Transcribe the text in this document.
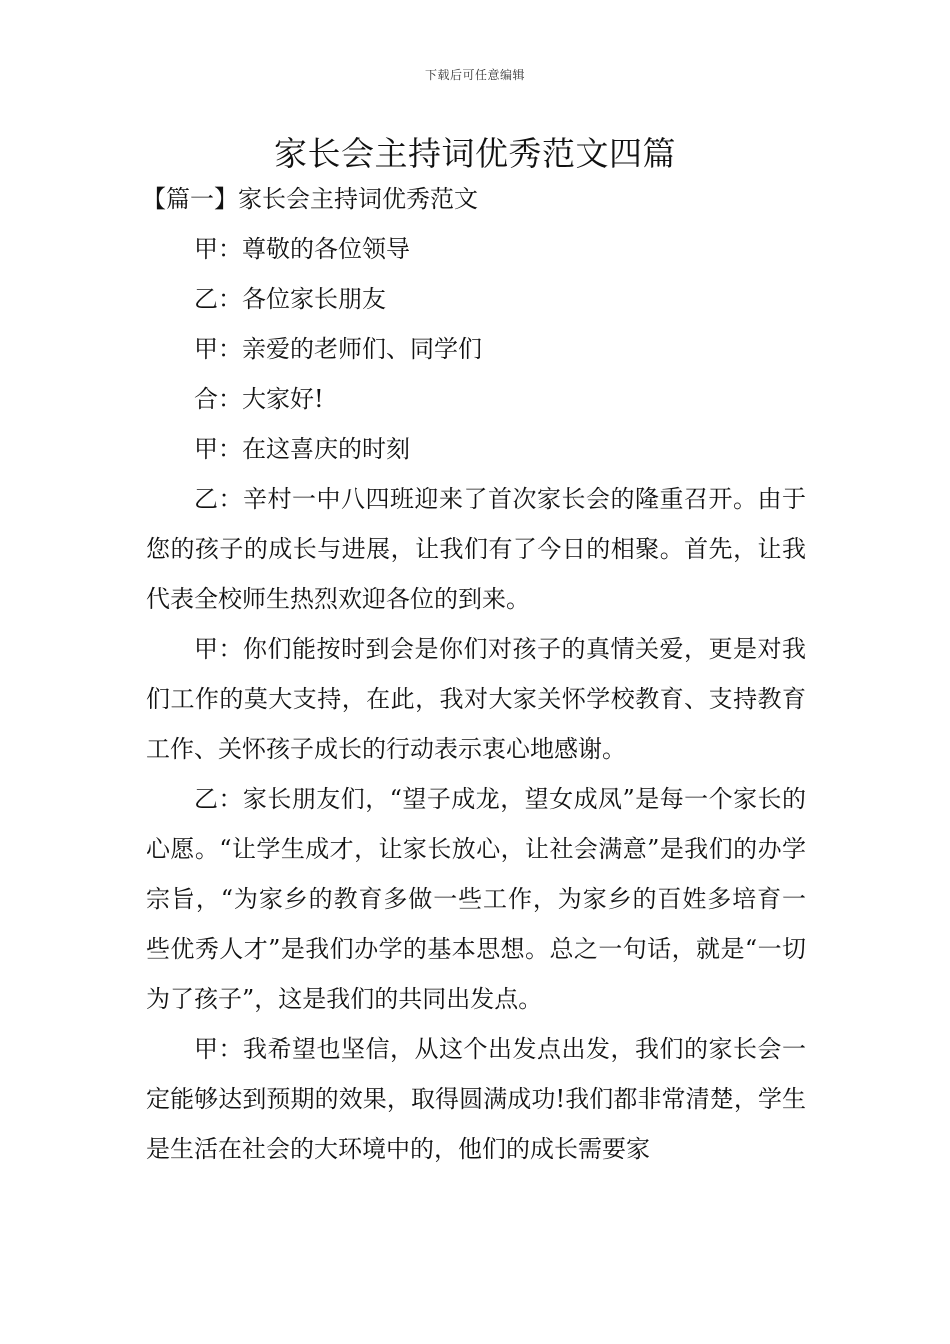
下载后可任意编辑
家长会主持词优秀范文四篇

【篇一】家长会主持词优秀范文

甲：尊敬的各位领导

乙：各位家长朋友

甲：亲爱的老师们、同学们

合：大家好!

甲：在这喜庆的时刻

乙：辛村一中八四班迎来了首次家长会的隆重召开。由于您的孩子的成长与进展，让我们有了今日的相聚。首先，让我代表全校师生热烈欢迎各位的到来。

甲：你们能按时到会是你们对孩子的真情关爱，更是对我们工作的莫大支持，在此，我对大家关怀学校教育、支持教育工作、关怀孩子成长的行动表示衷心地感谢。

乙：家长朋友们，“望子成龙，望女成凤”是每一个家长的心愿。“让学生成才，让家长放心，让社会满意”是我们的办学宗旨，“为家乡的教育多做一些工作，为家乡的百姓多培育一些优秀人才”是我们办学的基本思想。总之一句话，就是“一切为了孩子”，这是我们的共同出发点。

甲：我希望也坚信，从这个出发点出发，我们的家长会一定能够达到预期的效果，取得圆满成功!我们都非常清楚，学生是生活在社会的大环境中的，他们的成长需要家
